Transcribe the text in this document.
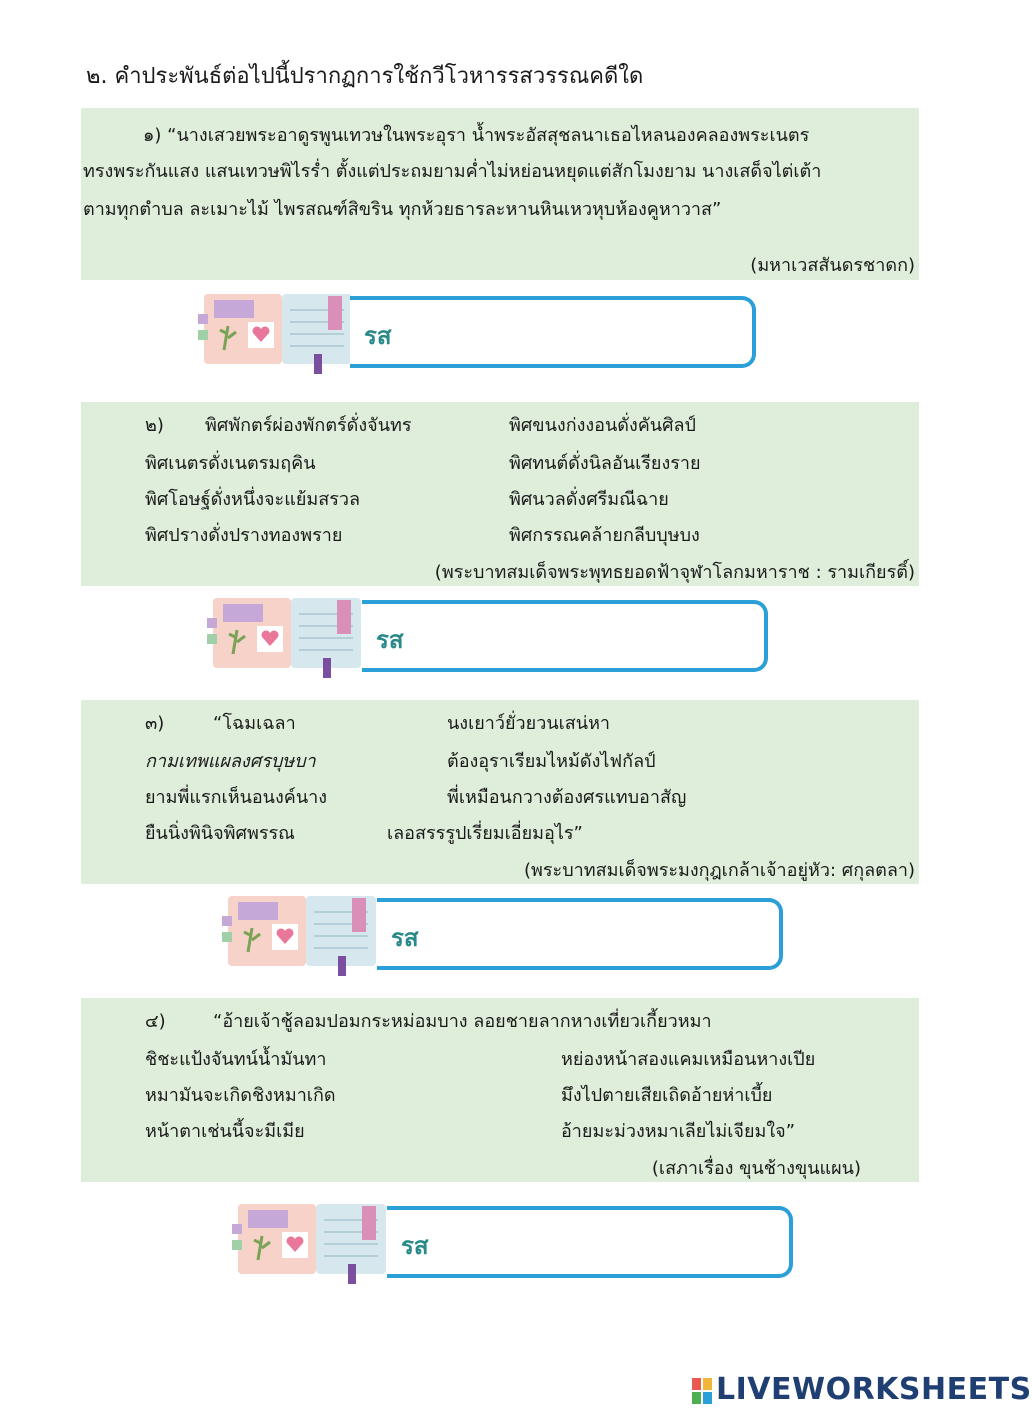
๒. คำประพันธ์ต่อไปนี้ปรากฏการใช้กวีโวหารรสวรรณคดีใด
๑) “นางเสวยพระอาดูรพูนเทวษในพระอุรา น้ำพระอัสสุชลนาเธอไหลนองคลองพระเนตร
ทรงพระกันแสง แสนเทวษพิไรร่ำ ตั้งแต่ประถมยามค่ำไม่หย่อนหยุดแต่สักโมงยาม นางเสด็จไต่เต้า
ตามทุกตำบล ละเมาะไม้ ไพรสณฑ์สิขริน ทุกห้วยธารละหานหินเหวหุบห้องคูหาวาส”
(มหาเวสสันดรชาดก)
๒) พิศพักตร์ผ่องพักตร์ดั่งจันทร
พิศเนตรดั่งเนตรมฤคิน
พิศโอษฐ์ดั่งหนึ่งจะแย้มสรวล
พิศปรางดั่งปรางทองพราย
พิศขนงก่งงอนดั่งคันศิลป์
พิศทนต์ดั่งนิลอันเรียงราย
พิศนวลดั่งศรีมณีฉาย
พิศกรรณคล้ายกลีบบุษบง
(พระบาทสมเด็จพระพุทธยอดฟ้าจุฬาโลกมหาราช : รามเกียรติ์)
๓)	“โฉมเฉลา
กามเทพแผลงศรบุษบา
ยามพี่แรกเห็นอนงค์นาง
ยืนนิ่งพินิจพิศพรรณ
นงเยาว์ยั่วยวนเสน่หา
ต้องอุราเรียมไหม้ดังไฟกัลป์
พี่เหมือนกวางต้องศรแทบอาสัญ
เลอสรรรูปเรี่ยมเอี่ยมอุไร”
(พระบาทสมเด็จพระมงกุฎเกล้าเจ้าอยู่หัว: ศกุลตลา)
๔)	“อ้ายเจ้าชู้ลอมปอมกระหม่อมบาง ลอยชายลากหางเที่ยวเกี้ยวหมา
ชิชะแป้งจันทน์น้ำมันทา
หมามันจะเกิดชิงหมาเกิด
หน้าตาเช่นนี้จะมีเมีย
หย่องหน้าสองแคมเหมือนหางเปีย
มึงไปตายเสียเถิดอ้ายห่าเบี้ย
อ้ายมะม่วงหมาเลียไม่เจียมใจ”
(เสภาเรื่อง ขุนช้างขุนแผน)
รส
รส
รส
รส
LIVEWORKSHEETS
